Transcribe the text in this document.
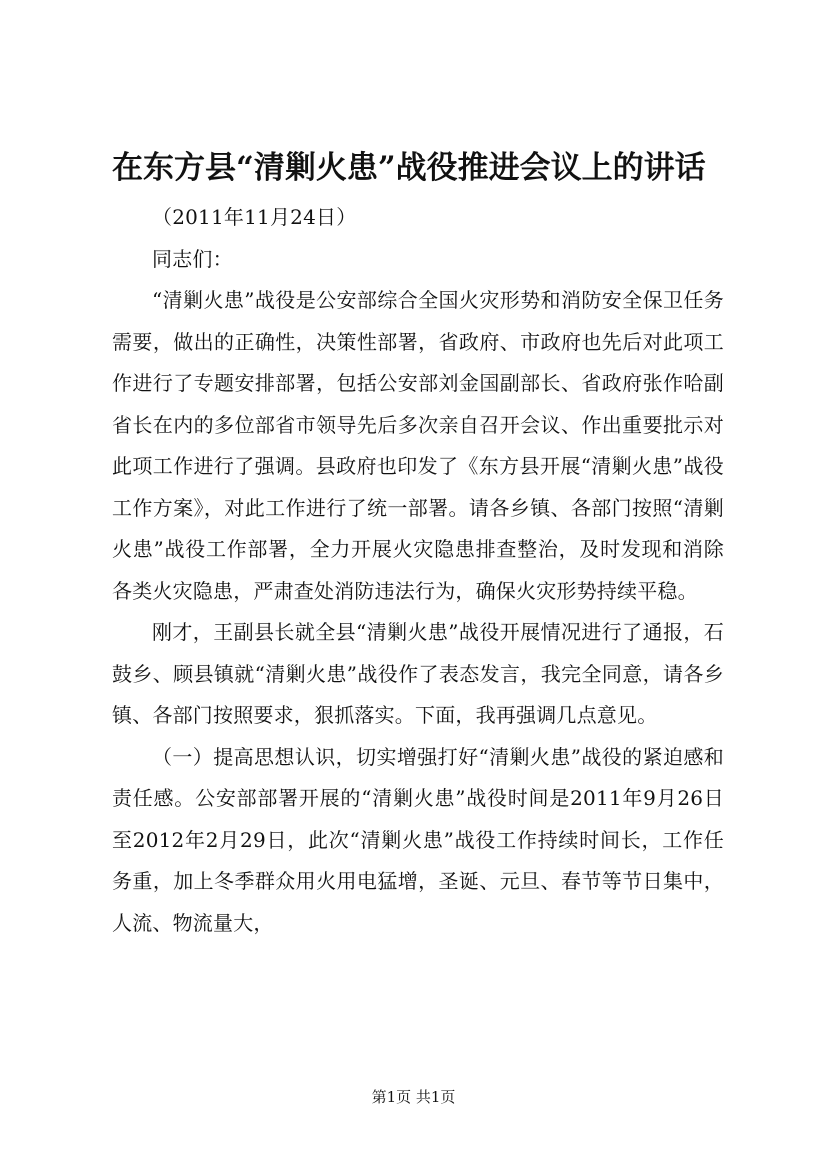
在东方县“清剿火患”战役推进会议上的讲话

（2011年11月24日）

同志们：

“清剿火患”战役是公安部综合全国火灾形势和消防安全保卫任务需要，做出的正确性，决策性部署，省政府、市政府也先后对此项工作进行了专题安排部署，包括公安部刘金国副部长、省政府张作哈副省长在内的多位部省市领导先后多次亲自召开会议、作出重要批示对此项工作进行了强调。县政府也印发了《东方县开展“清剿火患”战役工作方案》，对此工作进行了统一部署。请各乡镇、各部门按照“清剿火患”战役工作部署，全力开展火灾隐患排查整治，及时发现和消除各类火灾隐患，严肃查处消防违法行为，确保火灾形势持续平稳。

刚才，王副县长就全县“清剿火患”战役开展情况进行了通报，石鼓乡、顾县镇就“清剿火患”战役作了表态发言，我完全同意，请各乡镇、各部门按照要求，狠抓落实。下面，我再强调几点意见。

（一）提高思想认识，切实增强打好“清剿火患”战役的紧迫感和责任感。公安部部署开展的“清剿火患”战役时间是2011年9月26日至2012年2月29日，此次“清剿火患”战役工作持续时间长，工作任务重，加上冬季群众用火用电猛增，圣诞、元旦、春节等节日集中，人流、物流量大，

第1页 共1页
